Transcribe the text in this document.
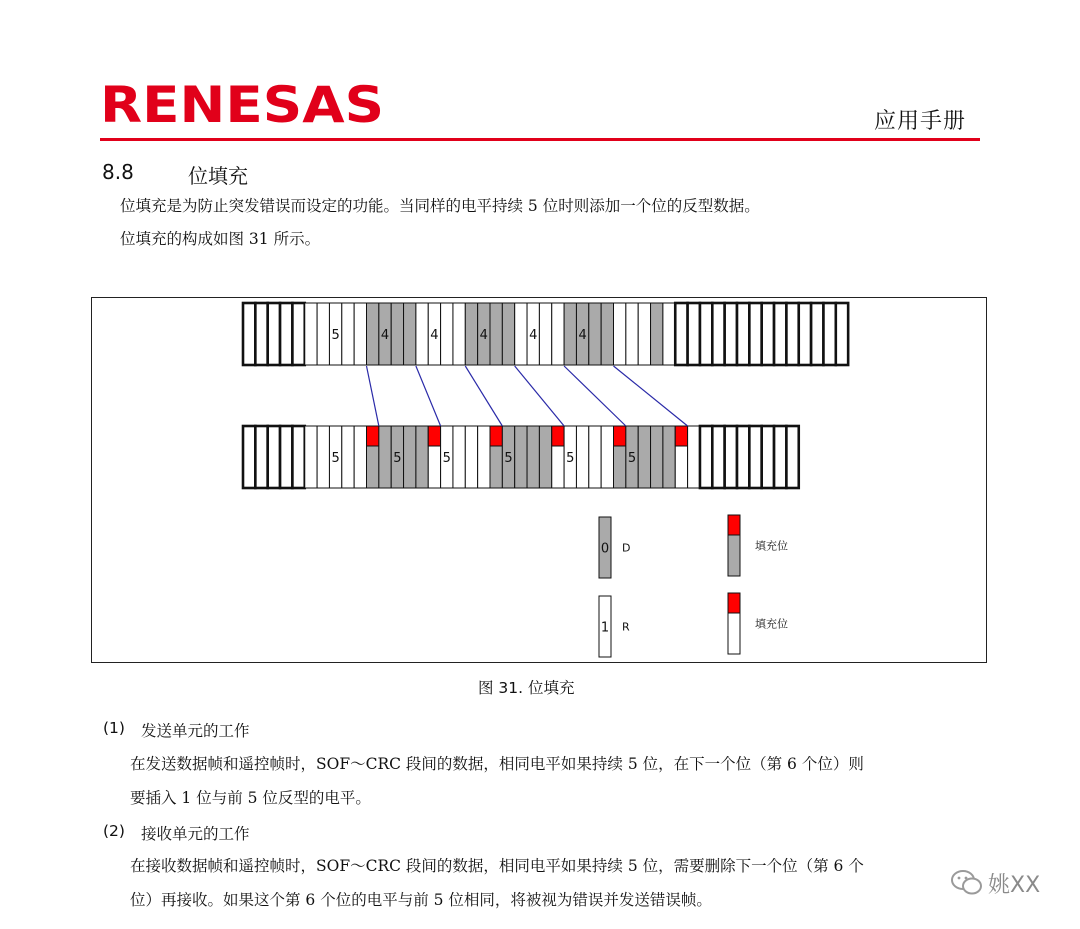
RENESAS	应用手册
8.8	位填充
位填充是为防止突发错误而设定的功能。当同样的电平持续 5 位时则添加一个位的反型数据。
位填充的构成如图 31 所示。
5	4	4	4	4	4
5	5	5	5	5	5
0 D
1 R
填充位
填充位
图 31. 位填充
(1) 发送单元的工作
在发送数据帧和遥控帧时，SOF～CRC 段间的数据，相同电平如果持续 5 位，在下一个位（第 6 个位）则
要插入 1 位与前 5 位反型的电平。
(2) 接收单元的工作
在接收数据帧和遥控帧时，SOF～CRC 段间的数据，相同电平如果持续 5 位，需要删除下一个位（第 6 个
位）再接收。如果这个第 6 个位的电平与前 5 位相同，将被视为错误并发送错误帧。
姚XX
